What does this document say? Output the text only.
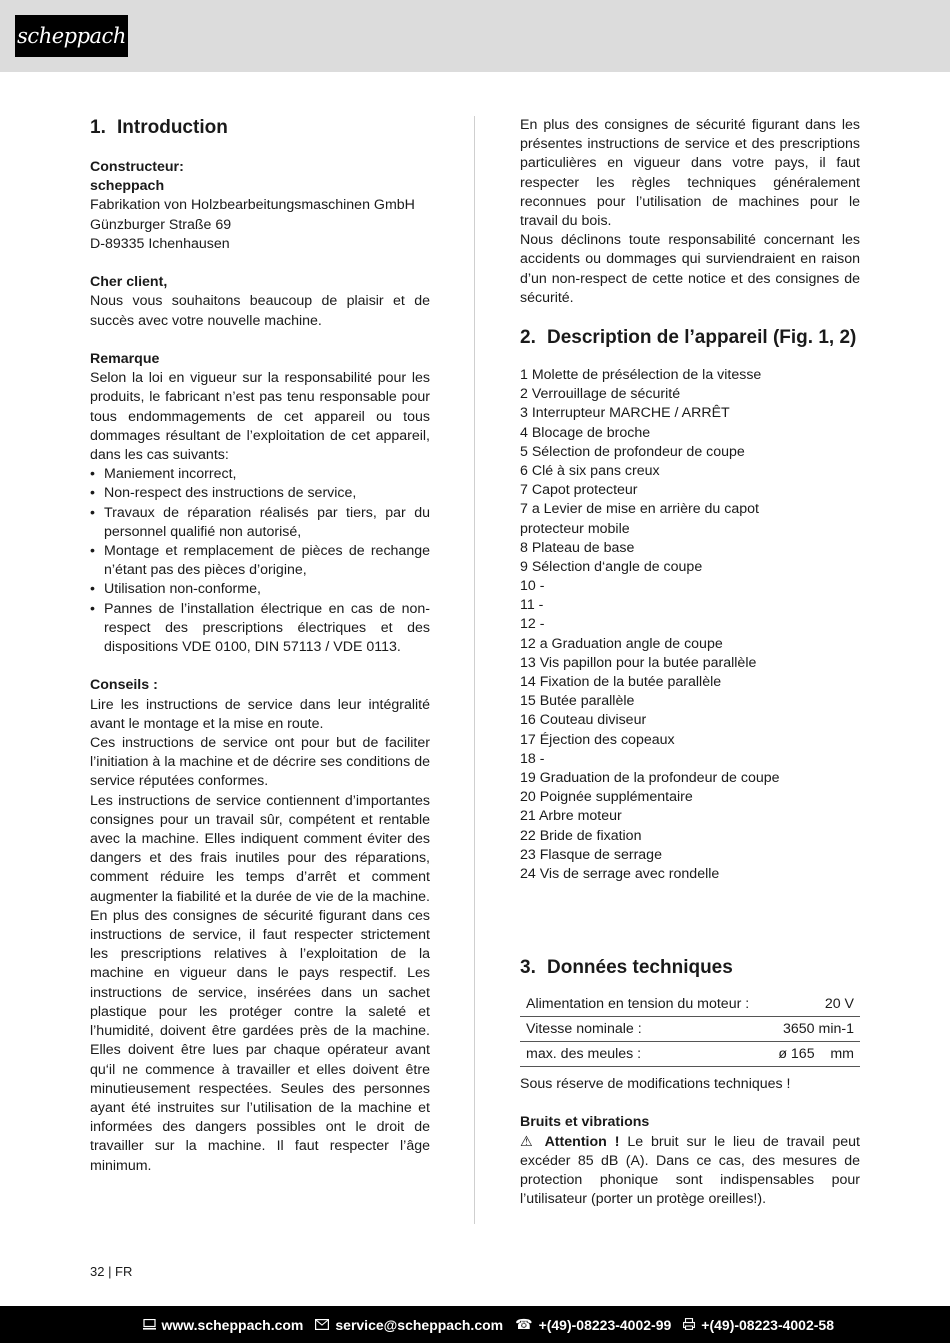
scheppach
1. Introduction

Constructeur:

scheppach

Fabrikation von Holzbearbeitungsmaschinen GmbH

Günzburger Straße 69

D-89335 Ichenhausen

Cher client,

Nous vous souhaitons beaucoup de plaisir et de succès avec votre nouvelle machine.

Remarque

Selon la loi en vigueur sur la responsabilité pour les produits, le fabricant n’est pas tenu responsable pour tous endommagements de cet appareil ou tous dommages résultant de l’exploitation de cet appareil, dans les cas suivants:

• Maniement incorrect,
• Non-respect des instructions de service,
• Travaux de réparation réalisés par tiers, par du personnel qualifié non autorisé,
• Montage et remplacement de pièces de rechange n’étant pas des pièces d’origine,
• Utilisation non-conforme,
• Pannes de l’installation électrique en cas de non-respect des prescriptions électriques et des dispositions VDE 0100, DIN 57113 / VDE 0113.

Conseils :

Lire les instructions de service dans leur intégralité avant le montage et la mise en route.

Ces instructions de service ont pour but de faciliter l’initiation à la machine et de décrire ses conditions de service réputées conformes.

Les instructions de service contiennent d’importantes consignes pour un travail sûr, compétent et rentable avec la machine. Elles indiquent comment éviter des dangers et des frais inutiles pour des réparations, comment réduire les temps d’arrêt et comment augmenter la fiabilité et la durée de vie de la machine.

En plus des consignes de sécurité figurant dans ces instructions de service, il faut respecter strictement les prescriptions relatives à l’exploitation de la machine en vigueur dans le pays respectif. Les instructions de service, insérées dans un sachet plastique pour les protéger contre la saleté et l’humidité, doivent être gardées près de la machine. Elles doivent être lues par chaque opérateur avant qu‘il ne commence à travailler et elles doivent être minutieusement respectées. Seules des personnes ayant été instruites sur l’utilisation de la machine et informées des dangers possibles ont le droit de travailler sur la machine. Il faut respecter l’âge minimum.

En plus des consignes de sécurité figurant dans les présentes instructions de service et des prescriptions particulières en vigueur dans votre pays, il faut respecter les règles techniques généralement reconnues pour l’utilisation de machines pour le travail du bois.

Nous déclinons toute responsabilité concernant les accidents ou dommages qui surviendraient en raison d’un non-respect de cette notice et des consignes de sécurité.

2. Description de l’appareil (Fig. 1, 2)
1 Molette de présélection de la vitesse
2 Verrouillage de sécurité
3 Interrupteur MARCHE / ARRÊT
4 Blocage de broche
5 Sélection de profondeur de coupe
6 Clé à six pans creux
7 Capot protecteur
7 a Levier de mise en arrière du capot
protecteur mobile
8 Plateau de base
9 Sélection d‘angle de coupe
10 -
11 -
12 -
12 a Graduation angle de coupe
13 Vis papillon pour la butée parallèle
14 Fixation de la butée parallèle
15 Butée parallèle
16 Couteau diviseur
17 Éjection des copeaux
18 -
19 Graduation de la profondeur de coupe
20 Poignée supplémentaire
21 Arbre moteur
22 Bride de fixation
23 Flasque de serrage
24 Vis de serrage avec rondelle
3. Données techniques
Alimentation en tension du moteur :	20 V
Vitesse nominale :	3650 min-1
max. des meules :	ø 165    mm

Sous réserve de modifications techniques !

Bruits et vibrations

⚠ Attention ! Le bruit sur le lieu de travail peut excéder 85 dB (A). Dans ce cas, des mesures de protection phonique sont indispensables pour l’utilisateur (porter un protège oreilles!).

32 | FR
www.scheppach.com service@scheppach.com ☎ +(49)-08223-4002-99 +(49)-08223-4002-58
